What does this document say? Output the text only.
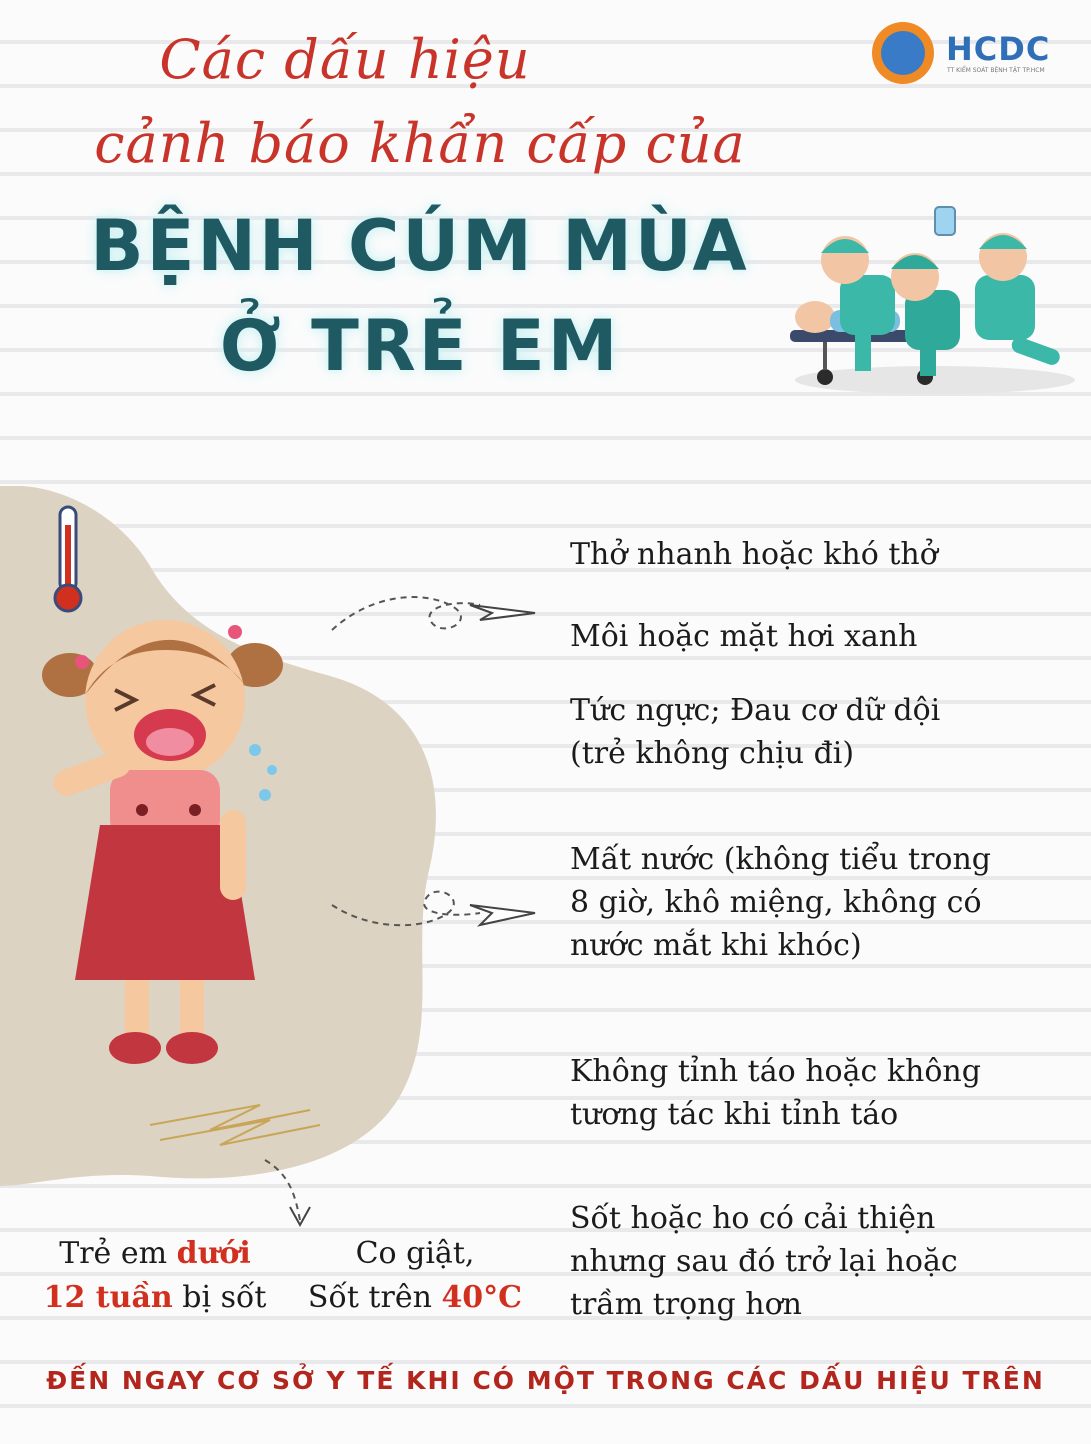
Các dấu hiệu
cảnh báo khẩn cấp của
BỆNH CÚM MÙA
Ở TRẺ EM
HCDC
TT KIỂM SOÁT BỆNH TẬT TP.HCM
Thở nhanh hoặc khó thở
Môi hoặc mặt hơi xanh
Tức ngực; Đau cơ dữ dội
(trẻ không chịu đi)
Mất nước (không tiểu trong
8 giờ, khô miệng, không có
nước mắt khi khóc)
Không tỉnh táo hoặc không
tương tác khi tỉnh táo
Sốt hoặc ho có cải thiện
nhưng sau đó trở lại hoặc
trầm trọng hơn
Trẻ em dưới
12 tuần bị sốt
Co giật,
Sốt trên 40°C
ĐẾN NGAY CƠ SỞ Y TẾ KHI CÓ MỘT TRONG CÁC DẤU HIỆU TRÊN
